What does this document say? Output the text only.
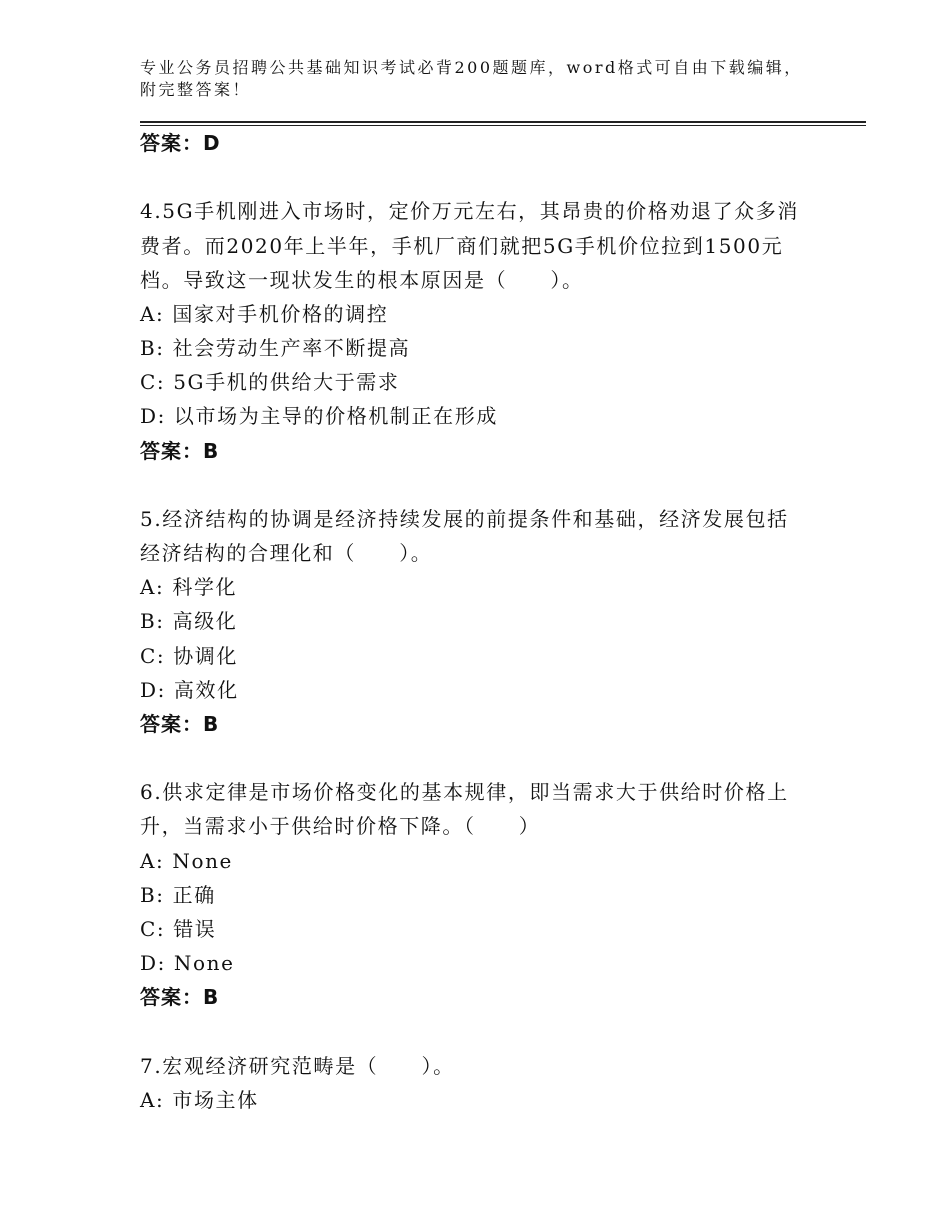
专业公务员招聘公共基础知识考试必背200题题库，word格式可自由下载编辑，
附完整答案！
答案：D
4.5G手机刚进入市场时，定价万元左右，其昂贵的价格劝退了众多消
费者。而2020年上半年，手机厂商们就把5G手机价位拉到1500元
档。导致这一现状发生的根本原因是（　　）。
A: 国家对手机价格的调控
B: 社会劳动生产率不断提高
C: 5G手机的供给大于需求
D: 以市场为主导的价格机制正在形成
答案：B
5.经济结构的协调是经济持续发展的前提条件和基础，经济发展包括
经济结构的合理化和（　　）。
A: 科学化
B: 高级化
C: 协调化
D: 高效化
答案：B
6.供求定律是市场价格变化的基本规律，即当需求大于供给时价格上
升，当需求小于供给时价格下降。（　　）
A: None
B: 正确
C: 错误
D: None
答案：B
7.宏观经济研究范畴是（　　）。
A: 市场主体
